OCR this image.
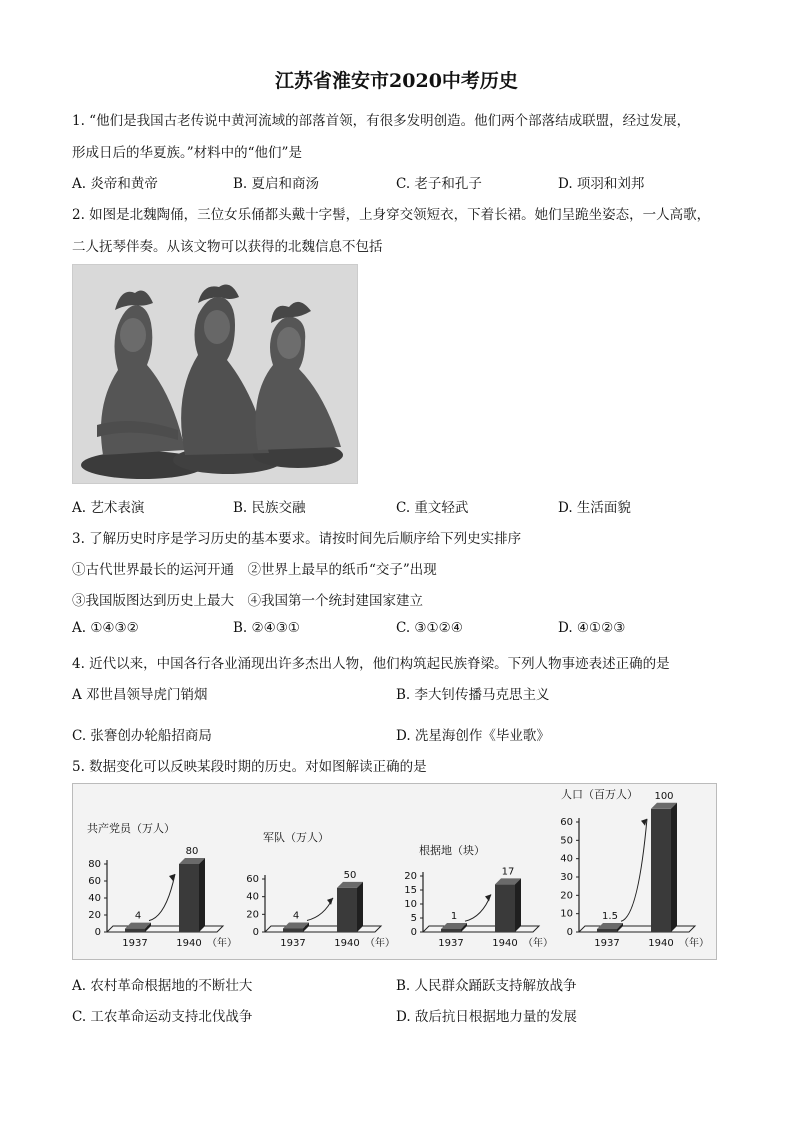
江苏省淮安市2020中考历史
1. “他们是我国古老传说中黄河流域的部落首领，有很多发明创造。他们两个部落结成联盟，经过发展，
形成日后的华夏族。”材料中的“他们”是
A. 炎帝和黄帝	B. 夏启和商汤	C. 老子和孔子	D. 项羽和刘邦
2. 如图是北魏陶俑，三位女乐俑都头戴十字髻，上身穿交领短衣，下着长裙。她们呈跪坐姿态，一人高歌，
二人抚琴伴奏。从该文物可以获得的北魏信息不包括
A. 艺术表演	B. 民族交融	C. 重文轻武	D. 生活面貌
3. 了解历史时序是学习历史的基本要求。请按时间先后顺序给下列史实排序
①古代世界最长的运河开通　②世界上最早的纸币“交子”出现
③我国版图达到历史上最大　④我国第一个统封建国家建立
A. ①④③②	B. ②④③①	C. ③①②④	D. ④①②③
4. 近代以来，中国各行各业涌现出许多杰出人物，他们构筑起民族脊梁。下列人物事迹表述正确的是
A 邓世昌领导虎门销烟	B. 李大钊传播马克思主义
C. 张謇创办轮船招商局	D. 冼星海创作《毕业歌》
5. 数据变化可以反映某段时期的历史。对如图解读正确的是
共产党员（万人）
0
20
40
60
80
4
1937
80
1940 （年）
军队（万人）
0
20
40
60
4
1937
50
1940 （年）
根据地（块）
0
5
10
15
20
1
1937
17
1940 （年）
人口（百万人）
0
10
20
30
40
50
60
1.5
1937
100
1940 （年）
A. 农村革命根据地的不断壮大	B. 人民群众踊跃支持解放战争
C. 工农革命运动支持北伐战争	D. 敌后抗日根据地力量的发展
